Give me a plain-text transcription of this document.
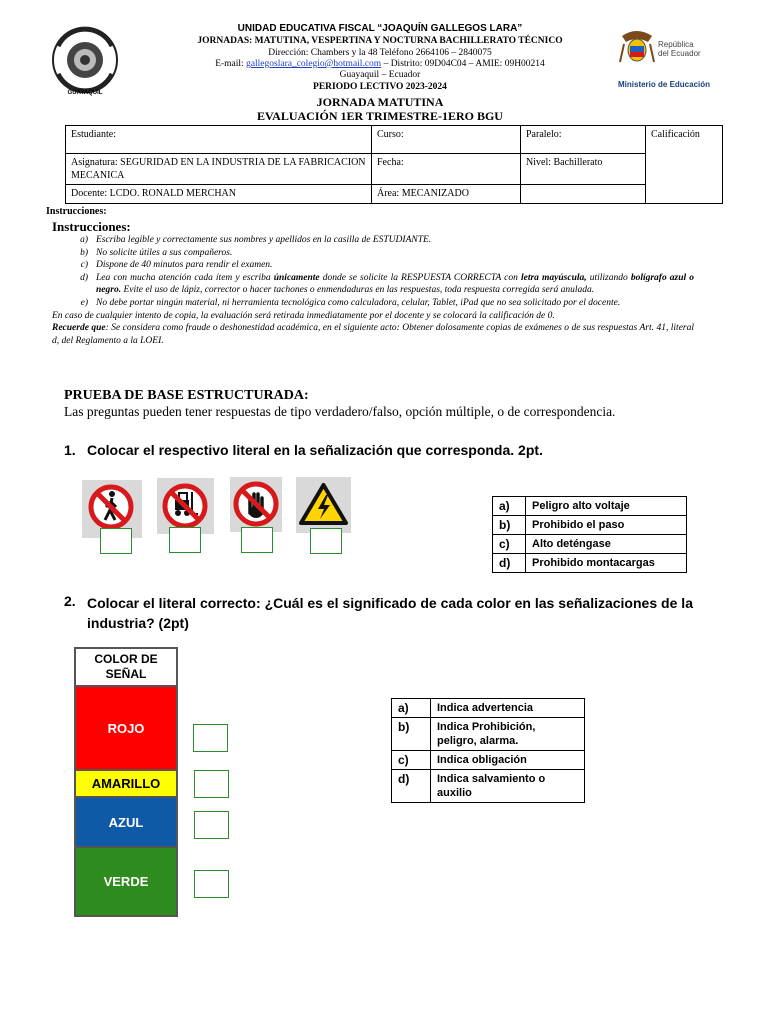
GUAYAQUIL
UNIDAD EDUCATIVA FISCAL “JOAQUÍN GALLEGOS LARA”
JORNADAS: MATUTINA, VESPERTINA Y NOCTURNA BACHILLERATO TÉCNICO
Dirección: Chambers y la 48 Teléfono 2664106 – 2840075
E-mail: gallegoslara_colegio@hotmail.com – Distrito: 09D04C04 – AMIE: 09H00214
Guayaquil – Ecuador
PERIODO LECTIVO 2023-2024
JORNADA MATUTINA
EVALUACIÓN 1ER TRIMESTRE-1ERO BGU
República
del Ecuador
Ministerio de Educación
Estudiante:	Curso:	Paralelo:	Calificación
Asignatura: SEGURIDAD EN LA INDUSTRIA DE LA FABRICACION MECANICA	Fecha:	Nivel: Bachillerato	
Docente: LCDO. RONALD MERCHAN	Área: MECANIZADO		
Instrucciones:
Instrucciones:
a) Escriba legible y correctamente sus nombres y apellidos en la casilla de ESTUDIANTE.
b) No solicite útiles a sus compañeros.
c) Dispone de 40 minutos para rendir el examen.
d) Lea con mucha atención cada ítem y escriba únicamente donde se solicite la RESPUESTA CORRECTA con letra mayúscula, utilizando bolígrafo azul o negro. Evite el uso de lápiz, corrector o hacer tachones o enmendaduras en las respuestas, toda respuesta corregida será anulada.
e) No debe portar ningún material, ni herramienta tecnológica como calculadora, celular, Tablet, iPad que no sea solicitado por el docente.
En caso de cualquier intento de copia, la evaluación será retirada inmediatamente por el docente y se colocará la calificación de 0.
Recuerde que: Se considera como fraude o deshonestidad académica, en el siguiente acto: Obtener dolosamente copias de exámenes o de sus respuestas Art. 41, literal d, del Reglamento a la LOEI.
PRUEBA DE BASE ESTRUCTURADA:
Las preguntas pueden tener respuestas de tipo verdadero/falso, opción múltiple, o de correspondencia.
1. Colocar el respectivo literal en la señalización que corresponda. 2pt.
a)	Peligro alto voltaje
b)	Prohibido el paso
c)	Alto deténgase
d)	Prohibido montacargas
2. Colocar el literal correcto: ¿Cuál es el significado de cada color en las señalizaciones de la industria? (2pt)
COLOR DE SEÑAL
ROJO
AMARILLO
AZUL
VERDE
a)	Indica advertencia
b)	Indica Prohibición, peligro, alarma.
c)	Indica obligación
d)	Indica salvamiento o auxilio
